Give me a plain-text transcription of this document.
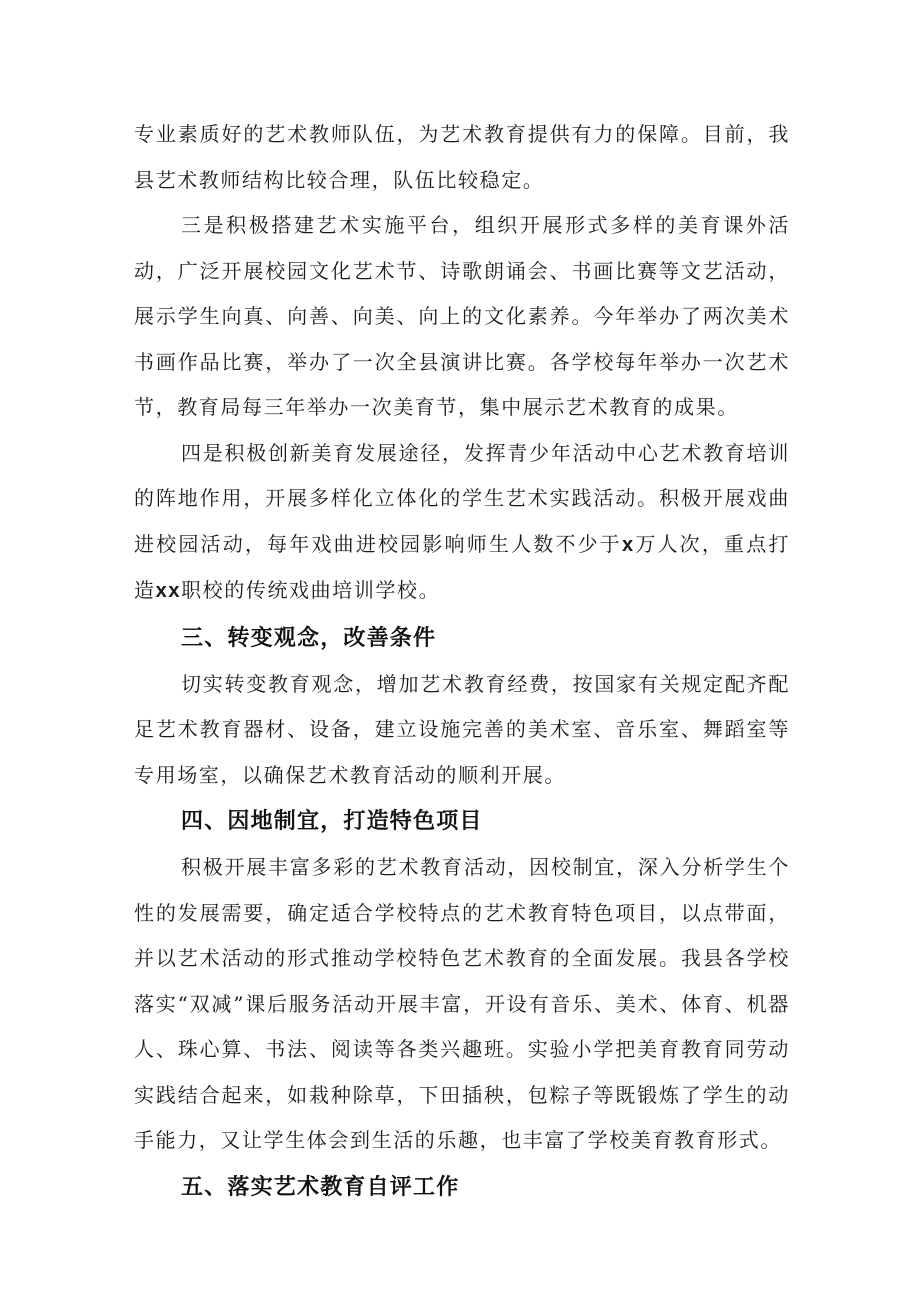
专业素质好的艺术教师队伍，为艺术教育提供有力的保障。目前，我县艺术教师结构比较合理，队伍比较稳定。

三是积极搭建艺术实施平台，组织开展形式多样的美育课外活动，广泛开展校园文化艺术节、诗歌朗诵会、书画比赛等文艺活动，展示学生向真、向善、向美、向上的文化素养。今年举办了两次美术书画作品比赛，举办了一次全县演讲比赛。各学校每年举办一次艺术节，教育局每三年举办一次美育节，集中展示艺术教育的成果。

四是积极创新美育发展途径，发挥青少年活动中心艺术教育培训的阵地作用，开展多样化立体化的学生艺术实践活动。积极开展戏曲进校园活动，每年戏曲进校园影响师生人数不少于x万人次，重点打造xx职校的传统戏曲培训学校。

三、转变观念，改善条件

切实转变教育观念，增加艺术教育经费，按国家有关规定配齐配足艺术教育器材、设备，建立设施完善的美术室、音乐室、舞蹈室等专用场室，以确保艺术教育活动的顺利开展。

四、因地制宜，打造特色项目

积极开展丰富多彩的艺术教育活动，因校制宜，深入分析学生个性的发展需要，确定适合学校特点的艺术教育特色项目，以点带面，并以艺术活动的形式推动学校特色艺术教育的全面发展。我县各学校落实“双减”课后服务活动开展丰富，开设有音乐、美术、体育、机器人、珠心算、书法、阅读等各类兴趣班。实验小学把美育教育同劳动实践结合起来，如栽种除草，下田插秧，包粽子等既锻炼了学生的动手能力，又让学生体会到生活的乐趣，也丰富了学校美育教育形式。

五、落实艺术教育自评工作
